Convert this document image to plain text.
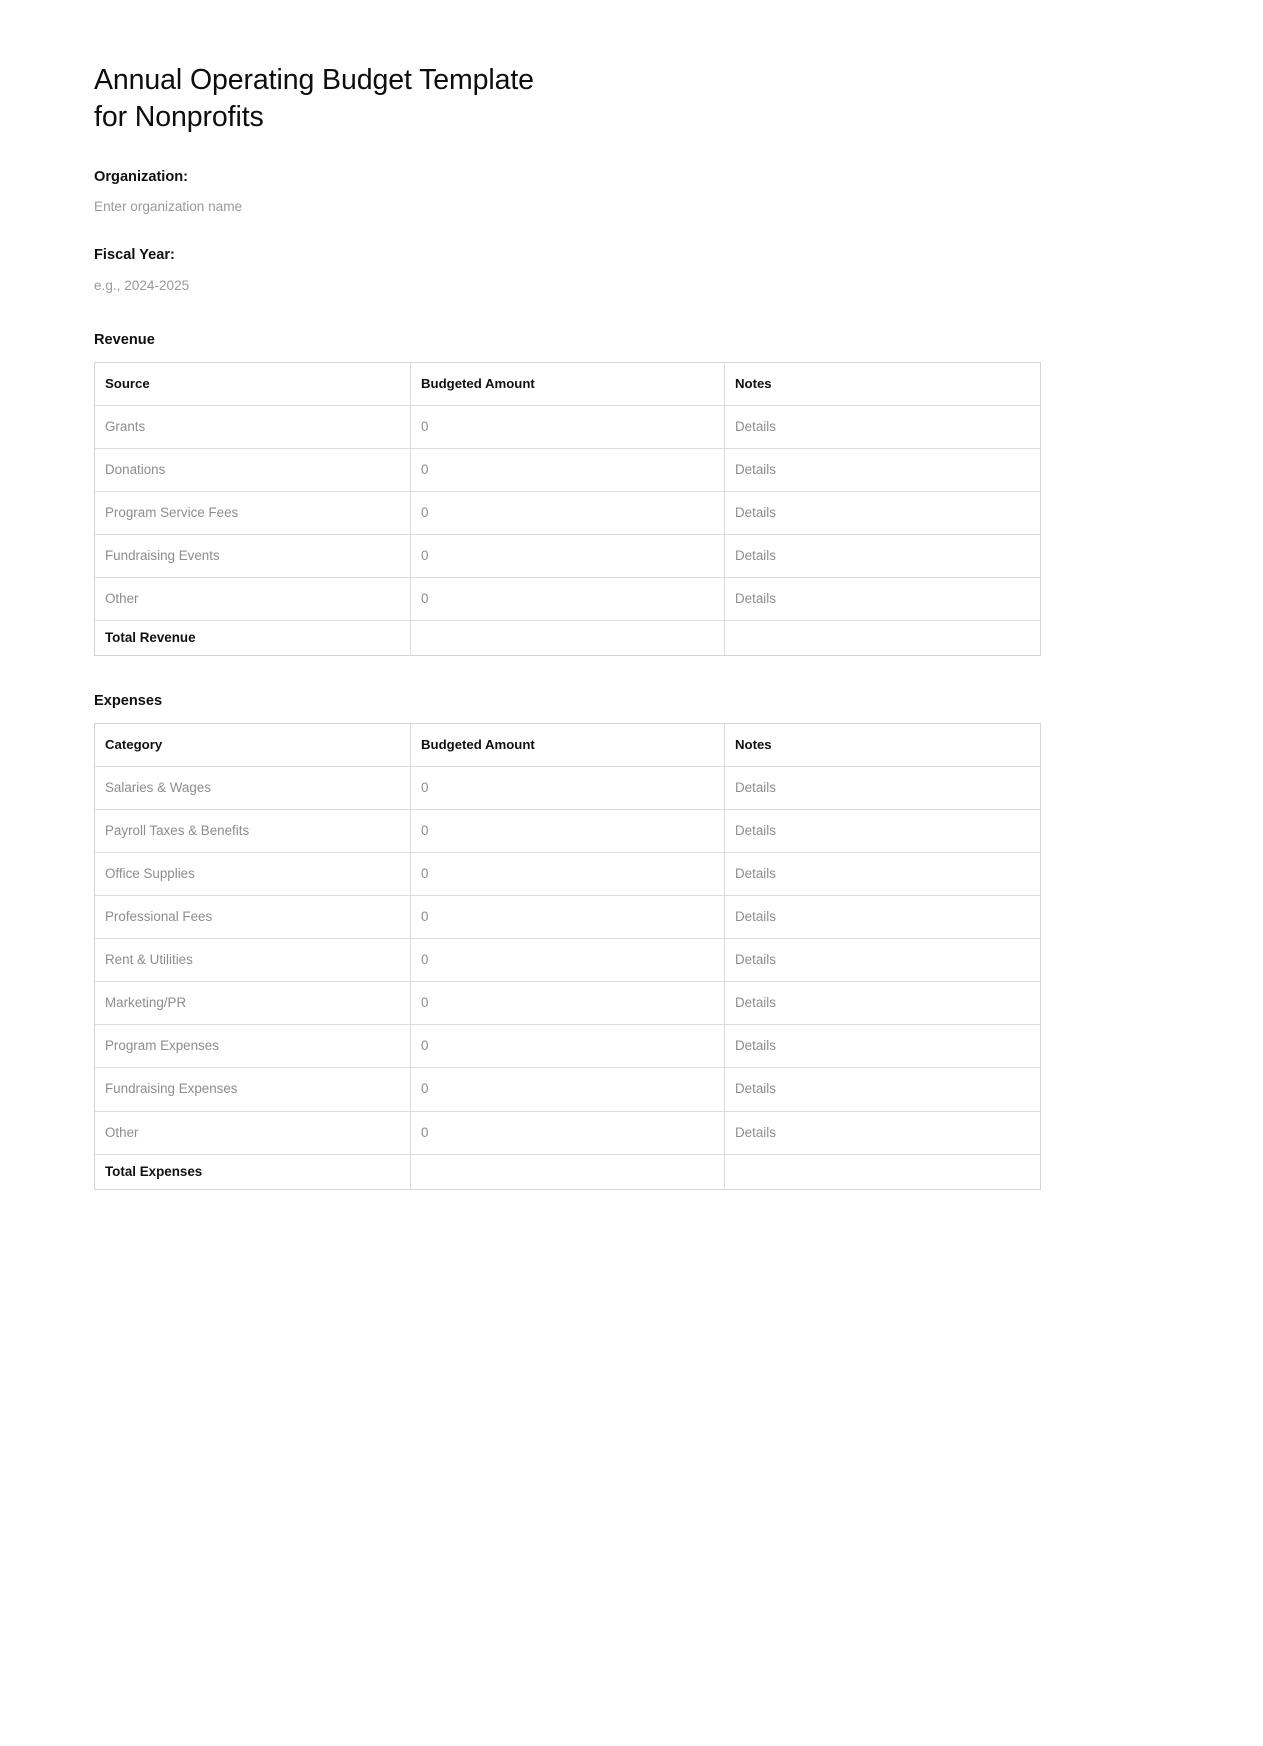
Annual Operating Budget Template
for Nonprofits
Organization:
Enter organization name
Fiscal Year:
e.g., 2024-2025
Revenue
Source	Budgeted Amount	Notes
Grants	0	Details
Donations	0	Details
Program Service Fees	0	Details
Fundraising Events	0	Details
Other	0	Details
Total Revenue		
Expenses
Category	Budgeted Amount	Notes
Salaries & Wages	0	Details
Payroll Taxes & Benefits	0	Details
Office Supplies	0	Details
Professional Fees	0	Details
Rent & Utilities	0	Details
Marketing/PR	0	Details
Program Expenses	0	Details
Fundraising Expenses	0	Details
Other	0	Details
Total Expenses		
